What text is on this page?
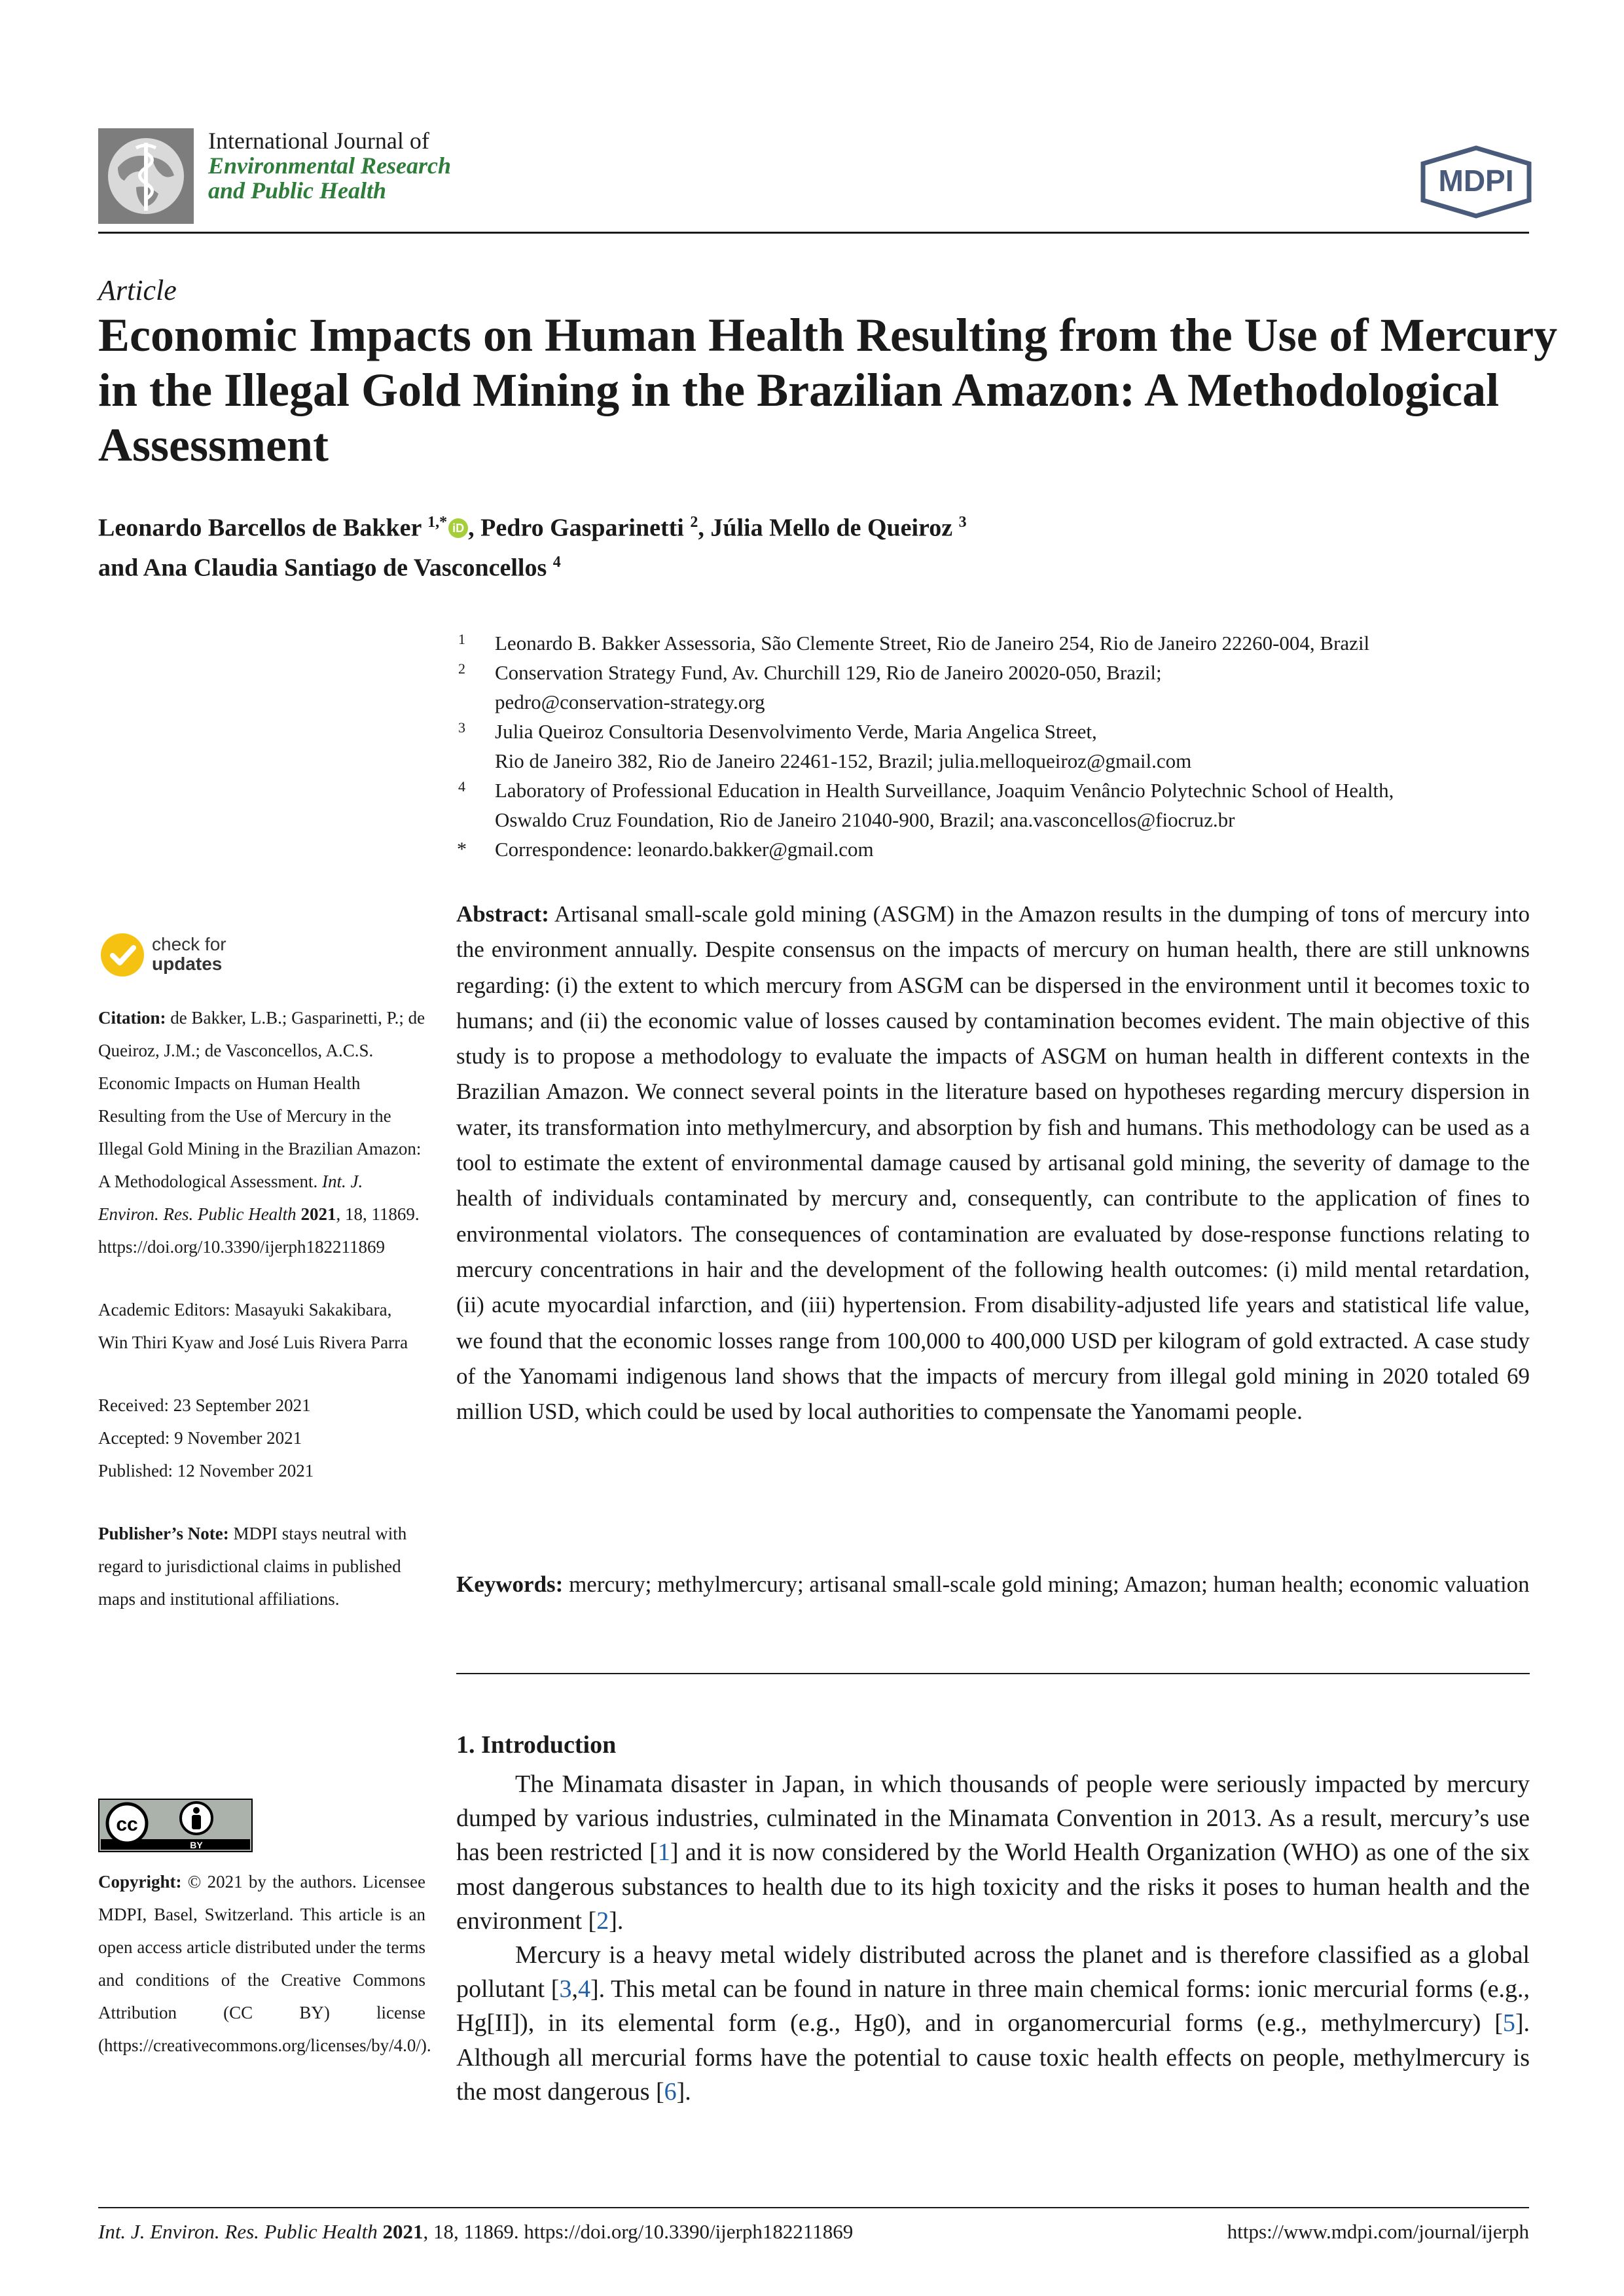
International Journal of
Environmental Research
and Public Health	MDPI
Article
Economic Impacts on Human Health Resulting from the Use of Mercury in the Illegal Gold Mining in the Brazilian Amazon: A Methodological Assessment
Leonardo Barcellos de Bakker $^{1,*}$ iD , Pedro Gasparinetti $^2$, Júlia Mello de Queiroz $^3$
and Ana Claudia Santiago de Vasconcellos $^4$
1 Leonardo B. Bakker Assessoria, São Clemente Street, Rio de Janeiro 254, Rio de Janeiro 22260-004, Brazil
2 Conservation Strategy Fund, Av. Churchill 129, Rio de Janeiro 20020-050, Brazil;
pedro@conservation-strategy.org
3 Julia Queiroz Consultoria Desenvolvimento Verde, Maria Angelica Street,
Rio de Janeiro 382, Rio de Janeiro 22461-152, Brazil; julia.melloqueiroz@gmail.com
4 Laboratory of Professional Education in Health Surveillance, Joaquim Venâncio Polytechnic School of Health,
Oswaldo Cruz Foundation, Rio de Janeiro 21040-900, Brazil; ana.vasconcellos@fiocruz.br
* Correspondence: leonardo.bakker@gmail.com
check for
updates

Citation: de Bakker, L.B.; Gasparinetti, P.; de Queiroz, J.M.; de Vasconcellos, A.C.S. Economic Impacts on Human Health Resulting from the Use of Mercury in the Illegal Gold Mining in the Brazilian Amazon: A Methodological Assessment. Int. J. Environ. Res. Public Health 2021, 18, 11869. https://doi.org/10.3390/ijerph182211869

Academic Editors: Masayuki Sakakibara, Win Thiri Kyaw and José Luis Rivera Parra

Received: 23 September 2021

Accepted: 9 November 2021

Published: 12 November 2021

Publisher’s Note: MDPI stays neutral with regard to jurisdictional claims in published maps and institutional affiliations.

cc
BY
Copyright: © 2021 by the authors. Licensee MDPI, Basel, Switzerland. This article is an open access article distributed under the terms and conditions of the Creative Commons Attribution (CC BY) license (https://creativecommons.org/licenses/by/4.0/).
Abstract: Artisanal small-scale gold mining (ASGM) in the Amazon results in the dumping of tons of mercury into the environment annually. Despite consensus on the impacts of mercury on human health, there are still unknowns regarding: (i) the extent to which mercury from ASGM can be dispersed in the environment until it becomes toxic to humans; and (ii) the economic value of losses caused by contamination becomes evident. The main objective of this study is to propose a methodology to evaluate the impacts of ASGM on human health in different contexts in the Brazilian Amazon. We connect several points in the literature based on hypotheses regarding mercury dispersion in water, its transformation into methylmercury, and absorption by fish and humans. This methodology can be used as a tool to estimate the extent of environmental damage caused by artisanal gold mining, the severity of damage to the health of individuals contaminated by mercury and, consequently, can contribute to the application of fines to environmental violators. The consequences of contamination are evaluated by dose-response functions relating to mercury concentrations in hair and the development of the following health outcomes: (i) mild mental retardation, (ii) acute myocardial infarction, and (iii) hypertension. From disability-adjusted life years and statistical life value, we found that the economic losses range from 100,000 to 400,000 USD per kilogram of gold extracted. A case study of the Yanomami indigenous land shows that the impacts of mercury from illegal gold mining in 2020 totaled 69 million USD, which could be used by local authorities to compensate the Yanomami people.
Keywords: mercury; methylmercury; artisanal small-scale gold mining; Amazon; human health; economic valuation
1. Introduction

The Minamata disaster in Japan, in which thousands of people were seriously impacted by mercury dumped by various industries, culminated in the Minamata Convention in 2013. As a result, mercury’s use has been restricted [1] and it is now considered by the World Health Organization (WHO) as one of the six most dangerous substances to health due to its high toxicity and the risks it poses to human health and the environment [2].

Mercury is a heavy metal widely distributed across the planet and is therefore classified as a global pollutant [3,4]. This metal can be found in nature in three main chemical forms: ionic mercurial forms (e.g., Hg[II]), in its elemental form (e.g., Hg0), and in organomercurial forms (e.g., methylmercury) [5]. Although all mercurial forms have the potential to cause toxic health effects on people, methylmercury is the most dangerous [6].

Int. J. Environ. Res. Public Health 2021, 18, 11869. https://doi.org/10.3390/ijerph182211869	https://www.mdpi.com/journal/ijerph
